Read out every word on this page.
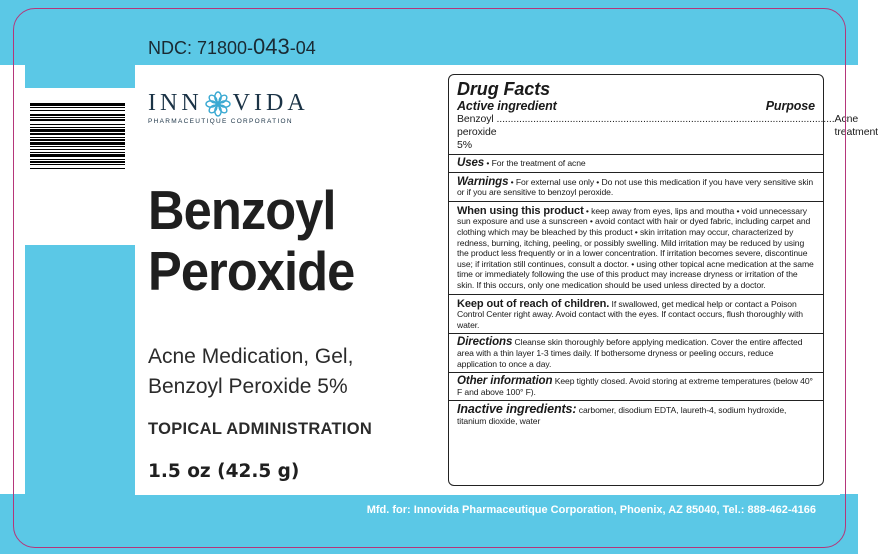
NDC: 71800-043-04
INN VIDA
PHARMACEUTIQUE CORPORATION
Benzoyl
Peroxide
Acne Medication, Gel,
Benzoyl Peroxide 5%
TOPICAL ADMINISTRATION
1.5 oz (42.5 g)
Mfd. for: Innovida Pharmaceutique Corporation, Phoenix, AZ 85040, Tel.: 888-462-4166
Drug Facts
Active ingredient	Purpose
Benzoyl peroxide 5%
........................................................................................................................ Acne treatment
Uses • For the treatment of acne
Warnings • For external use only • Do not use this medication if you have very sensitive skin or if you are sensitive to benzoyl peroxide.
When using this product • keep away from eyes, lips and moutha • void unnecessary sun exposure and use a sunscreen • avoid contact with hair or dyed fabric, including carpet and clothing which may be bleached by this product • skin irritation may occur, characterized by redness, burning, itching, peeling, or possibly swelling. Mild irritation may be reduced by using the product less frequently or in a lower concentration. If irritation becomes severe, discontinue use; if irritation still continues, consult a doctor. • using other topical acne medication at the same time or immediately following the use of this product may increase dryness or irritation of the skin. If this occurs, only one medication should be used unless directed by a doctor.
Keep out of reach of children. If swallowed, get medical help or contact a Poison Control Center right away. Avoid contact with the eyes. If contact occurs, flush thoroughly with water.
Directions Cleanse skin thoroughly before applying medication. Cover the entire affected area with a thin layer 1-3 times daily. If bothersome dryness or peeling occurs, reduce application to once a day.
Other information Keep tightly closed. Avoid storing at extreme temperatures (below 40° F and above 100° F).
Inactive ingredients: carbomer, disodium EDTA, laureth-4, sodium hydroxide, titanium dioxide, water
